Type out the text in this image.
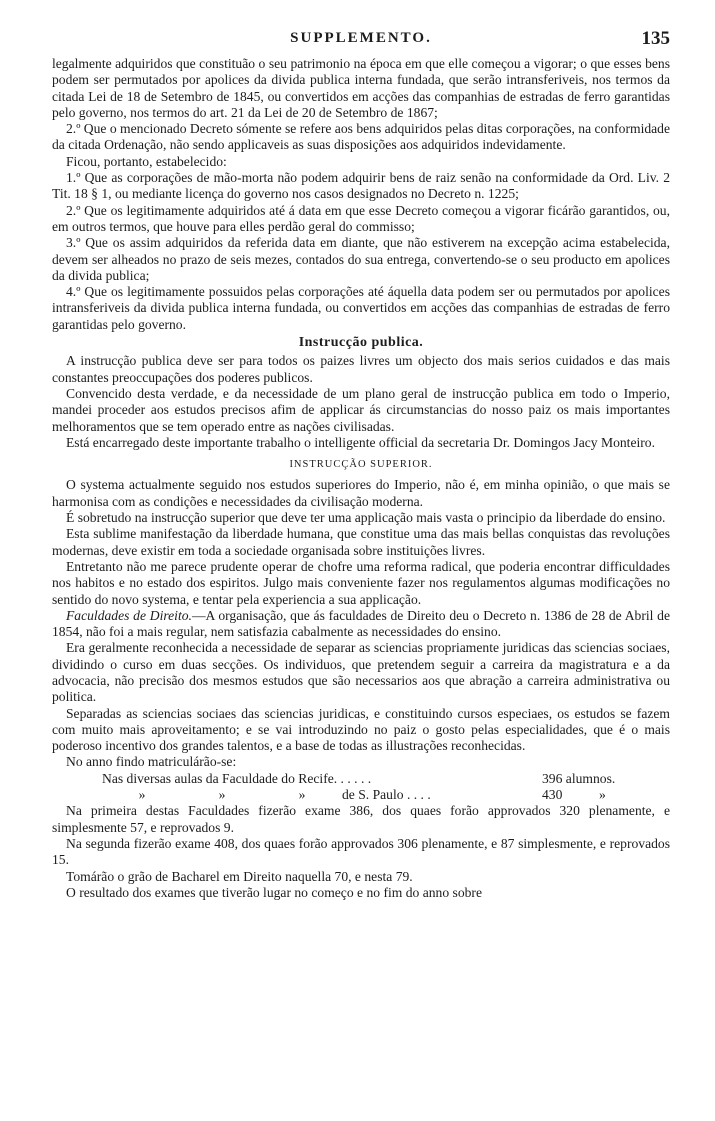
SUPPLEMENTO.	135

legalmente adquiridos que constituão o seu patrimonio na época em que elle começou a vigorar; o que esses bens podem ser permutados por apolices da divida publica interna fundada, que serão intransferiveis, nos termos da citada Lei de 18 de Setembro de 1845, ou convertidos em acções das companhias de estradas de ferro garantidas pelo governo, nos termos do art. 21 da Lei de 20 de Setembro de 1867;

2.º Que o mencionado Decreto sómente se refere aos bens adquiridos pelas ditas corporações, na conformidade da citada Ordenação, não sendo applicaveis as suas disposições aos adquiridos indevidamente.

Ficou, portanto, estabelecido:

1.º Que as corporações de mão-morta não podem adquirir bens de raiz senão na conformidade da Ord. Liv. 2 Tit. 18 § 1, ou mediante licença do governo nos casos designados no Decreto n. 1225;

2.º Que os legitimamente adquiridos até á data em que esse Decreto começou a vigorar ficárão garantidos, ou, em outros termos, que houve para elles perdão geral do commisso;

3.º Que os assim adquiridos da referida data em diante, que não estiverem na excepção acima estabelecida, devem ser alheados no prazo de seis mezes, contados do sua entrega, convertendo-se o seu producto em apolices da divida publica;

4.º Que os legitimamente possuidos pelas corporações até áquella data podem ser ou permutados por apolices intransferiveis da divida publica interna fundada, ou convertidos em acções das companhias de estradas de ferro garantidas pelo governo.

Instrucção publica.

A instrucção publica deve ser para todos os paizes livres um objecto dos mais serios cuidados e das mais constantes preoccupações dos poderes publicos.

Convencido desta verdade, e da necessidade de um plano geral de instrucção publica em todo o Imperio, mandei proceder aos estudos precisos afim de applicar ás circumstancias do nosso paiz os mais importantes melhoramentos que se tem operado entre as nações civilisadas.

Está encarregado deste importante trabalho o intelligente official da secretaria Dr. Domingos Jacy Monteiro.

INSTRUCÇÃO SUPERIOR.

O systema actualmente seguido nos estudos superiores do Imperio, não é, em minha opinião, o que mais se harmonisa com as condições e necessidades da civilisação moderna.

É sobretudo na instrucção superior que deve ter uma applicação mais vasta o principio da liberdade do ensino.

Esta sublime manifestação da liberdade humana, que constitue uma das mais bellas conquistas das revoluções modernas, deve existir em toda a sociedade organisada sobre instituições livres.

Entretanto não me parece prudente operar de chofre uma reforma radical, que poderia encontrar difficuldades nos habitos e no estado dos espiritos. Julgo mais conveniente fazer nos regulamentos algumas modificações no sentido do novo systema, e tentar pela experiencia a sua applicação.

Faculdades de Direito.—A organisação, que ás faculdades de Direito deu o Decreto n. 1386 de 28 de Abril de 1854, não foi a mais regular, nem satisfazia cabalmente as necessidades do ensino.

Era geralmente reconhecida a necessidade de separar as sciencias propriamente juridicas das sciencias sociaes, dividindo o curso em duas secções. Os individuos, que pretendem seguir a carreira da magistratura e a da advocacia, não precisão dos mesmos estudos que são necessarios aos que abração a carreira administrativa ou politica.

Separadas as sciencias sociaes das sciencias juridicas, e constituindo cursos especiaes, os estudos se fazem com muito mais aproveitamento; e se vai introduzindo no paiz o gosto pelas especialidades, que é o mais poderoso incentivo dos grandes talentos, e a base de todas as illustrações reconhecidas.

No anno findo matriculárão-se:

Nas diversas aulas da Faculdade do Recife. . . . . .	396 alumnos.
»	»	»	de S. Paulo . . . .	430	»

Na primeira destas Faculdades fizerão exame 386, dos quaes forão approvados 320 plenamente, e simplesmente 57, e reprovados 9.

Na segunda fizerão exame 408, dos quaes forão approvados 306 plenamente, e 87 simplesmente, e reprovados 15.

Tomárão o grão de Bacharel em Direito naquella 70, e nesta 79.

O resultado dos exames que tiverão lugar no começo e no fim do anno sobre
